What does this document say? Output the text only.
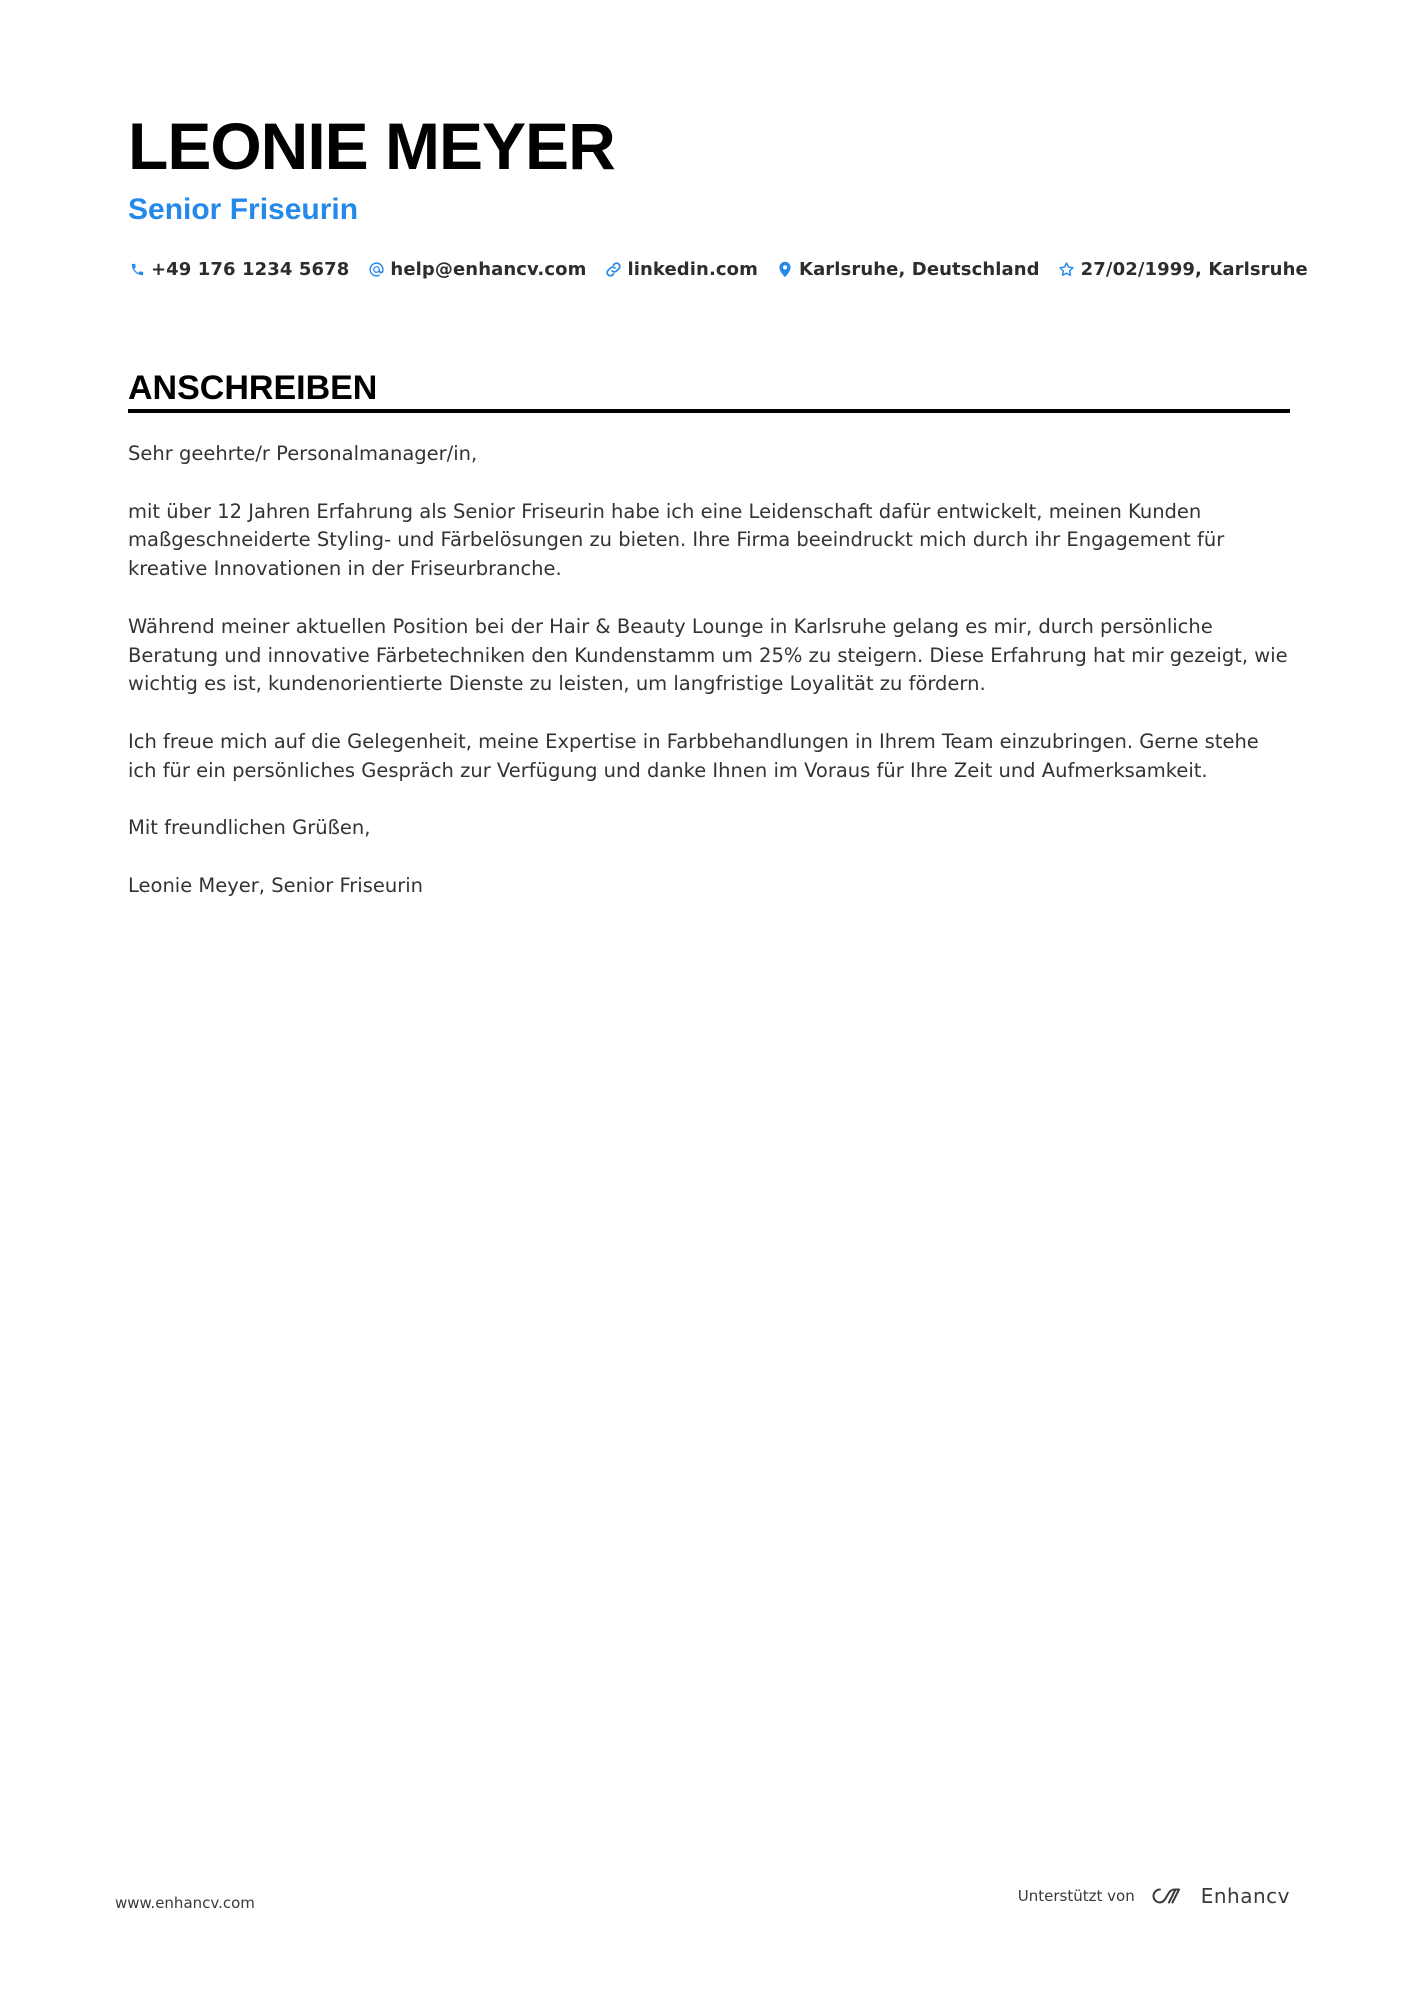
LEONIE MEYER
Senior Friseurin
+49 176 1234 5678 help@enhancv.com linkedin.com Karlsruhe, Deutschland 27/02/1999, Karlsruhe
ANSCHREIBEN

Sehr geehrte/r Personalmanager/in,

mit über 12 Jahren Erfahrung als Senior Friseurin habe ich eine Leidenschaft dafür entwickelt, meinen Kunden maßgeschneiderte Styling- und Färbelösungen zu bieten. Ihre Firma beeindruckt mich durch ihr Engagement für kreative Innovationen in der Friseurbranche.

Während meiner aktuellen Position bei der Hair & Beauty Lounge in Karlsruhe gelang es mir, durch persönliche Beratung und innovative Färbetechniken den Kundenstamm um 25% zu steigern. Diese Erfahrung hat mir gezeigt, wie wichtig es ist, kundenorientierte Dienste zu leisten, um langfristige Loyalität zu fördern.

Ich freue mich auf die Gelegenheit, meine Expertise in Farbbehandlungen in Ihrem Team einzubringen. Gerne stehe ich für ein persönliches Gespräch zur Verfügung und danke Ihnen im Voraus für Ihre Zeit und Aufmerksamkeit.

Mit freundlichen Grüßen,

Leonie Meyer, Senior Friseurin

www.enhancv.com	Unterstützt von	Enhancv
